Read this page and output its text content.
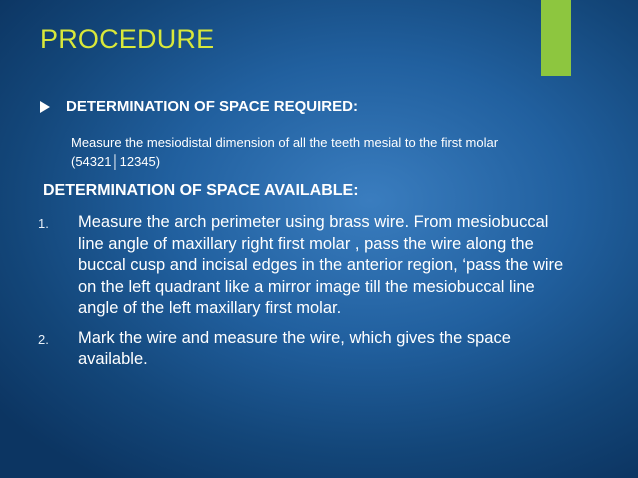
PROCEDURE
DETERMINATION OF SPACE REQUIRED:
Measure the mesiodistal dimension of all the teeth mesial to the first molar (54321│12345)
DETERMINATION OF SPACE AVAILABLE:
1.	Measure the arch perimeter using brass wire. From mesiobuccal line angle of maxillary right first molar , pass the wire along the buccal cusp and incisal edges in the anterior region, ‘pass the wire on the left quadrant like a mirror image till the mesiobuccal line angle of the left maxillary first molar.
2.	Mark the wire and measure the wire, which gives the space available.
